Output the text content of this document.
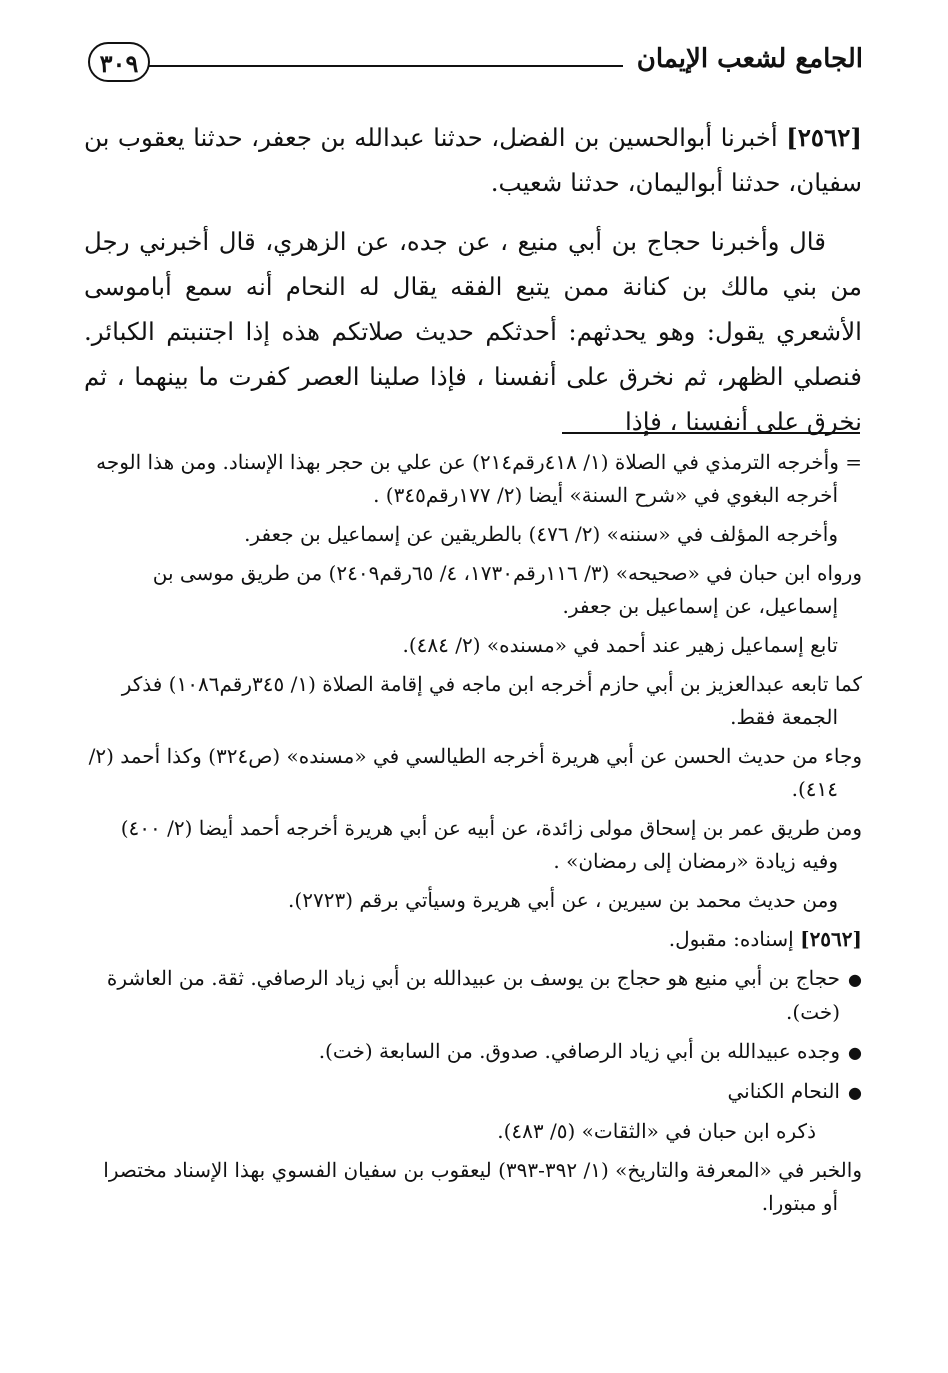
الجامع لشعب الإيمان
٣٠٩

[٢٥٦٢] أخبرنا أبوالحسين بن الفضل، حدثنا عبدالله بن جعفر، حدثنا يعقوب بن سفيان، حدثنا أبواليمان، حدثنا شعيب.

قال وأخبرنا حجاج بن أبي منيع ، عن جده، عن الزهري، قال أخبرني رجل من بني مالك بن كنانة ممن يتبع الفقه يقال له النحام أنه سمع أباموسى الأشعري يقول: وهو يحدثهم: أحدثكم حديث صلاتكم هذه إذا اجتنبتم الكبائر. فنصلي الظهر، ثم نخرق على أنفسنا ، فإذا صلينا العصر كفرت ما بينهما ، ثم نخرق على أنفسنا ، فإذا

= وأخرجه الترمذي في الصلاة (١/ ٤١٨رقم٢١٤) عن علي بن حجر بهذا الإسناد. ومن هذا الوجه أخرجه البغوي في «شرح السنة» أيضا (٢/ ١٧٧رقم٣٤٥) .

وأخرجه المؤلف في «سننه» (٢/ ٤٧٦) بالطريقين عن إسماعيل بن جعفر.

ورواه ابن حبان في «صحيحه» (٣/ ١١٦رقم١٧٣٠، ٤/ ٦٥رقم٢٤٠٩) من طريق موسى بن إسماعيل، عن إسماعيل بن جعفر.

تابع إسماعيل زهير عند أحمد في «مسنده» (٢/ ٤٨٤).

كما تابعه عبدالعزيز بن أبي حازم أخرجه ابن ماجه في إقامة الصلاة (١/ ٣٤٥رقم١٠٨٦) فذكر الجمعة فقط.

وجاء من حديث الحسن عن أبي هريرة أخرجه الطيالسي في «مسنده» (ص٣٢٤) وكذا أحمد (٢/ ٤١٤).

ومن طريق عمر بن إسحاق مولى زائدة، عن أبيه عن أبي هريرة أخرجه أحمد أيضا (٢/ ٤٠٠) وفيه زيادة «رمضان إلى رمضان» .

ومن حديث محمد بن سيرين ، عن أبي هريرة وسيأتي برقم (٢٧٢٣).

[٢٥٦٢] إسناده: مقبول.

●حجاج بن أبي منيع هو حجاج بن يوسف بن عبيدالله بن أبي زياد الرصافي. ثقة. من العاشرة (خت).

●وجده عبيدالله بن أبي زياد الرصافي. صدوق. من السابعة (خت).

●النحام الكناني

ذكره ابن حبان في «الثقات» (٥/ ٤٨٣).

والخبر في «المعرفة والتاريخ» (١/ ٣٩٢-٣٩٣) ليعقوب بن سفيان الفسوي بهذا الإسناد مختصرا أو مبتورا.
